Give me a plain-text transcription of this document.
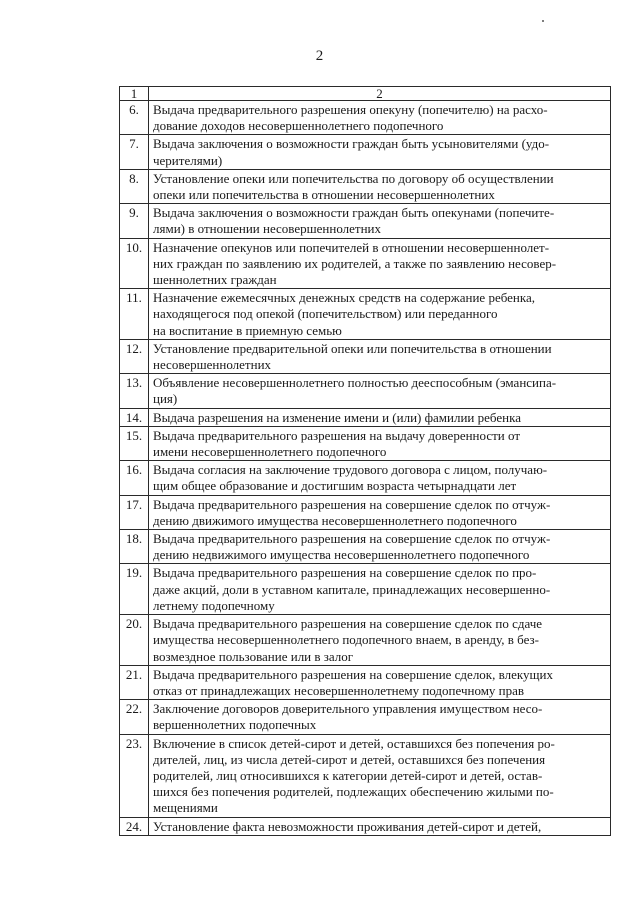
2
1	2
6.	Выдача предварительного разрешения опекуну (попечителю) на расхо-
дование доходов несовершеннолетнего подопечного
7.	Выдача заключения о возможности граждан быть усыновителями (удо-
черителями)
8.	Установление опеки или попечительства по договору об осуществлении
опеки или попечительства в отношении несовершеннолетних
9.	Выдача заключения о возможности граждан быть опекунами (попечите-
лями) в отношении несовершеннолетних
10.	Назначение опекунов или попечителей в отношении несовершеннолет-
них граждан по заявлению их родителей, а также по заявлению несовер-
шеннолетних граждан
11.	Назначение ежемесячных денежных средств на содержание ребенка,
находящегося под опекой (попечительством) или переданного
на воспитание в приемную семью
12.	Установление предварительной опеки или попечительства в отношении
несовершеннолетних
13.	Объявление несовершеннолетнего полностью дееспособным (эмансипа-
ция)
14.	Выдача разрешения на изменение имени и (или) фамилии ребенка
15.	Выдача предварительного разрешения на выдачу доверенности от
имени несовершеннолетнего подопечного
16.	Выдача согласия на заключение трудового договора с лицом, получаю-
щим общее образование и достигшим возраста четырнадцати лет
17.	Выдача предварительного разрешения на совершение сделок по отчуж-
дению движимого имущества несовершеннолетнего подопечного
18.	Выдача предварительного разрешения на совершение сделок по отчуж-
дению недвижимого имущества несовершеннолетнего подопечного
19.	Выдача предварительного разрешения на совершение сделок по про-
даже акций, доли в уставном капитале, принадлежащих несовершенно-
летнему подопечному
20.	Выдача предварительного разрешения на совершение сделок по сдаче
имущества несовершеннолетнего подопечного внаем, в аренду, в без-
возмездное пользование или в залог
21.	Выдача предварительного разрешения на совершение сделок, влекущих
отказ от принадлежащих несовершеннолетнему подопечному прав
22.	Заключение договоров доверительного управления имуществом несо-
вершеннолетних подопечных
23.	Включение в список детей-сирот и детей, оставшихся без попечения ро-
дителей, лиц, из числа детей-сирот и детей, оставшихся без попечения
родителей, лиц относившихся к категории детей-сирот и детей, остав-
шихся без попечения родителей, подлежащих обеспечению жилыми по-
мещениями
24.	Установление факта невозможности проживания детей-сирот и детей,
